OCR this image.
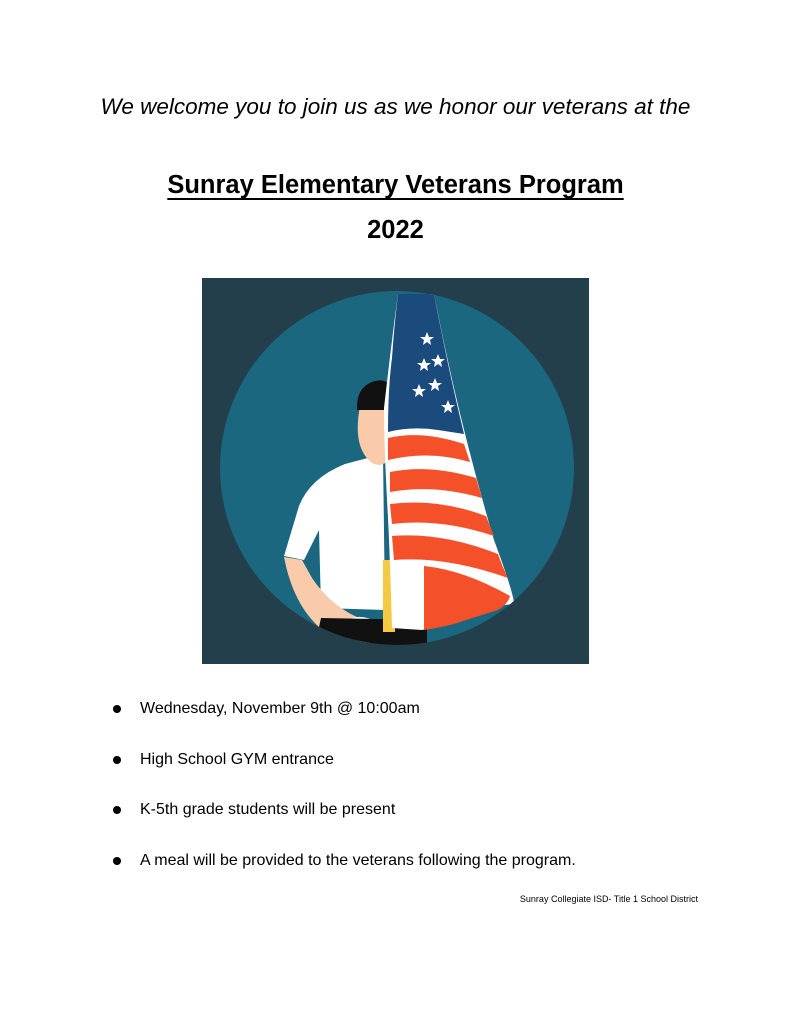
We welcome you to join us as we honor our veterans at the

Sunray Elementary Veterans Program
2022
Wednesday, November 9th @ 10:00am
High School GYM entrance
K-5th grade students will be present
A meal will be provided to the veterans following the program.

Sunray Collegiate ISD- Title 1 School District
